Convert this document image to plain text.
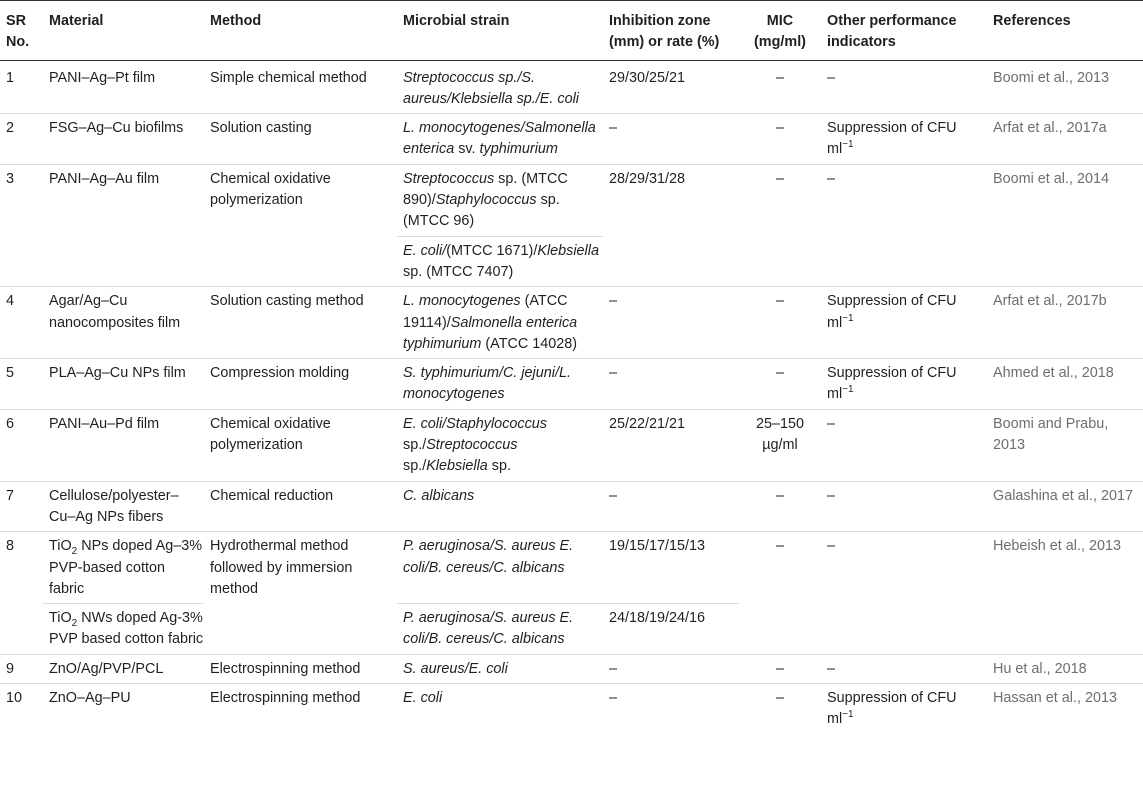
SR No.	Material	Method	Microbial strain	Inhibition zone (mm) or rate (%)	MIC (mg/ml)	Other performance indicators	References
1	PANI–Ag–Pt film	Simple chemical method	Streptococcus sp./S. aureus/Klebsiella sp./E. coli	29/30/25/21	–	–	Boomi et al., 2013
2	FSG–Ag–Cu biofilms	Solution casting	L. monocytogenes/Salmonella enterica sv. typhimurium	–	–	Suppression of CFU $ml^{-1}$	Arfat et al., 2017a
3	PANI–Ag–Au film	Chemical oxidative polymerization	Streptococcus sp. (MTCC 890)/Staphylococcus sp. (MTCC 96)	28/29/31/28	–	–	Boomi et al., 2014
			E. coli/(MTCC 1671)/Klebsiella sp. (MTCC 7407)				
4	Agar/Ag–Cu nanocomposites film	Solution casting method	L. monocytogenes (ATCC 19114)/Salmonella enterica typhimurium (ATCC 14028)	–	–	Suppression of CFU $ml^{-1}$	Arfat et al., 2017b
5	PLA–Ag–Cu NPs film	Compression molding	S. typhimurium/C. jejuni/L. monocytogenes	–	–	Suppression of CFU $ml^{-1}$	Ahmed et al., 2018
6	PANI–Au–Pd film	Chemical oxidative polymerization	E. coli/Staphylococcus sp./Streptococcus sp./Klebsiella sp.	25/22/21/21	25–150 µg/ml	–	Boomi and Prabu, 2013
7	Cellulose/polyester–Cu–Ag NPs fibers	Chemical reduction	C. albicans	–	–	–	Galashina et al., 2017
8	TiO$_2$ NPs doped Ag–3% PVP-based cotton fabric	Hydrothermal method followed by immersion method	P. aeruginosa/S. aureus E. coli/B. cereus/C. albicans	19/15/17/15/13	–	–	Hebeish et al., 2013
	TiO$_2$ NWs doped Ag-3% PVP based cotton fabric		P. aeruginosa/S. aureus E. coli/B. cereus/C. albicans	24/18/19/24/16			
9	ZnO/Ag/PVP/PCL	Electrospinning method	S. aureus/E. coli	–	–	–	Hu et al., 2018
10	ZnO–Ag–PU	Electrospinning method	E. coli	–	–	Suppression of CFU $ml^{-1}$	Hassan et al., 2013
